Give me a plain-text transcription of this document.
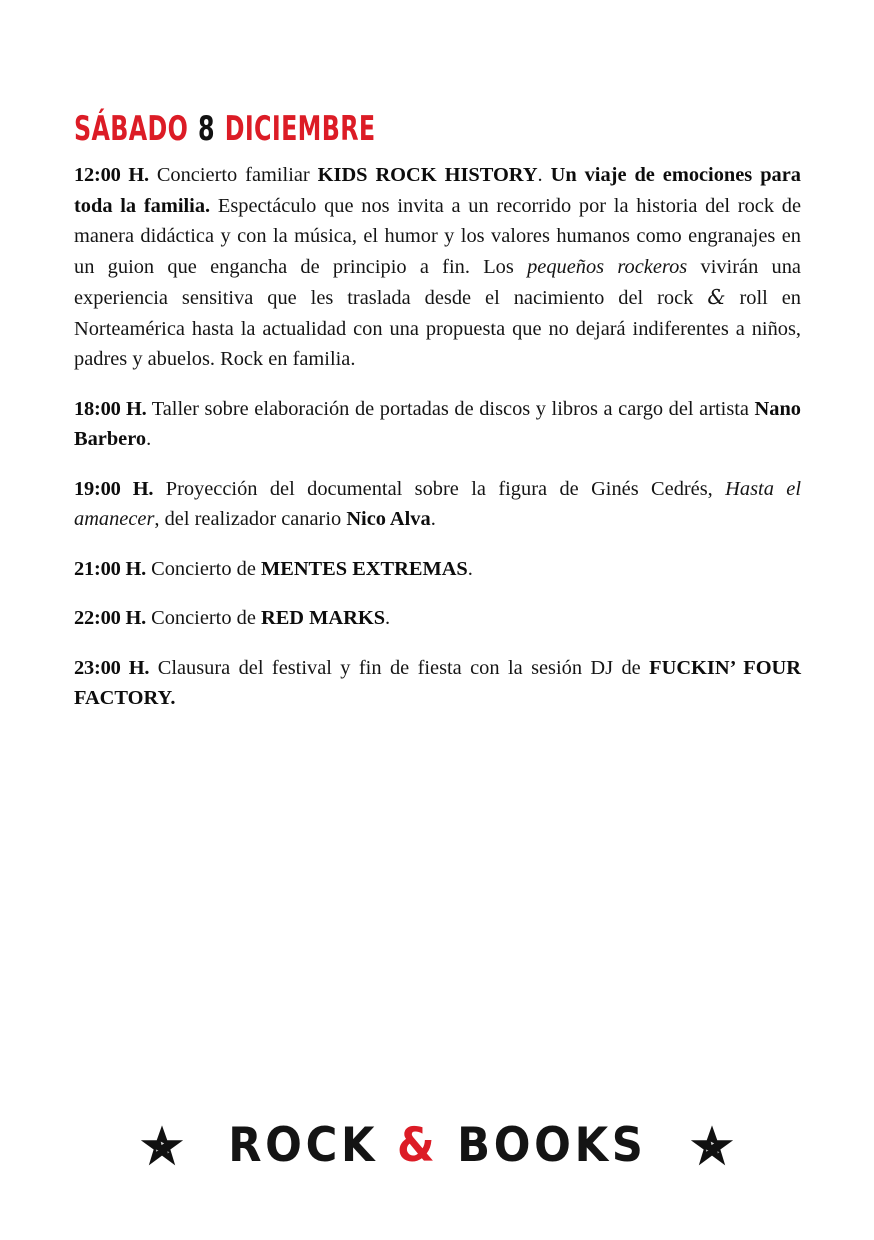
SÁBADO 8 DICIEMBRE

12:00 H. Concierto familiar KIDS ROCK HISTORY. Un viaje de emociones para toda la familia. Espectáculo que nos invita a un recorrido por la historia del rock de manera didáctica y con la música, el humor y los valores humanos como engranajes en un guion que engancha de principio a fin. Los pequeños rockeros vivirán una experiencia sensitiva que les traslada desde el nacimiento del rock & roll en Norteamérica hasta la actualidad con una propuesta que no dejará indiferentes a niños, padres y abuelos. Rock en familia.

18:00 H. Taller sobre elaboración de portadas de discos y libros a cargo del artista Nano Barbero.

19:00 H. Proyección del documental sobre la figura de Ginés Cedrés, Hasta el amanecer, del realizador canario Nico Alva.

21:00 H. Concierto de MENTES EXTREMAS.

22:00 H. Concierto de RED MARKS.

23:00 H. Clausura del festival y fin de fiesta con la sesión DJ de FUCKIN’ FOUR FACTORY.

ROCK & BOOKS
